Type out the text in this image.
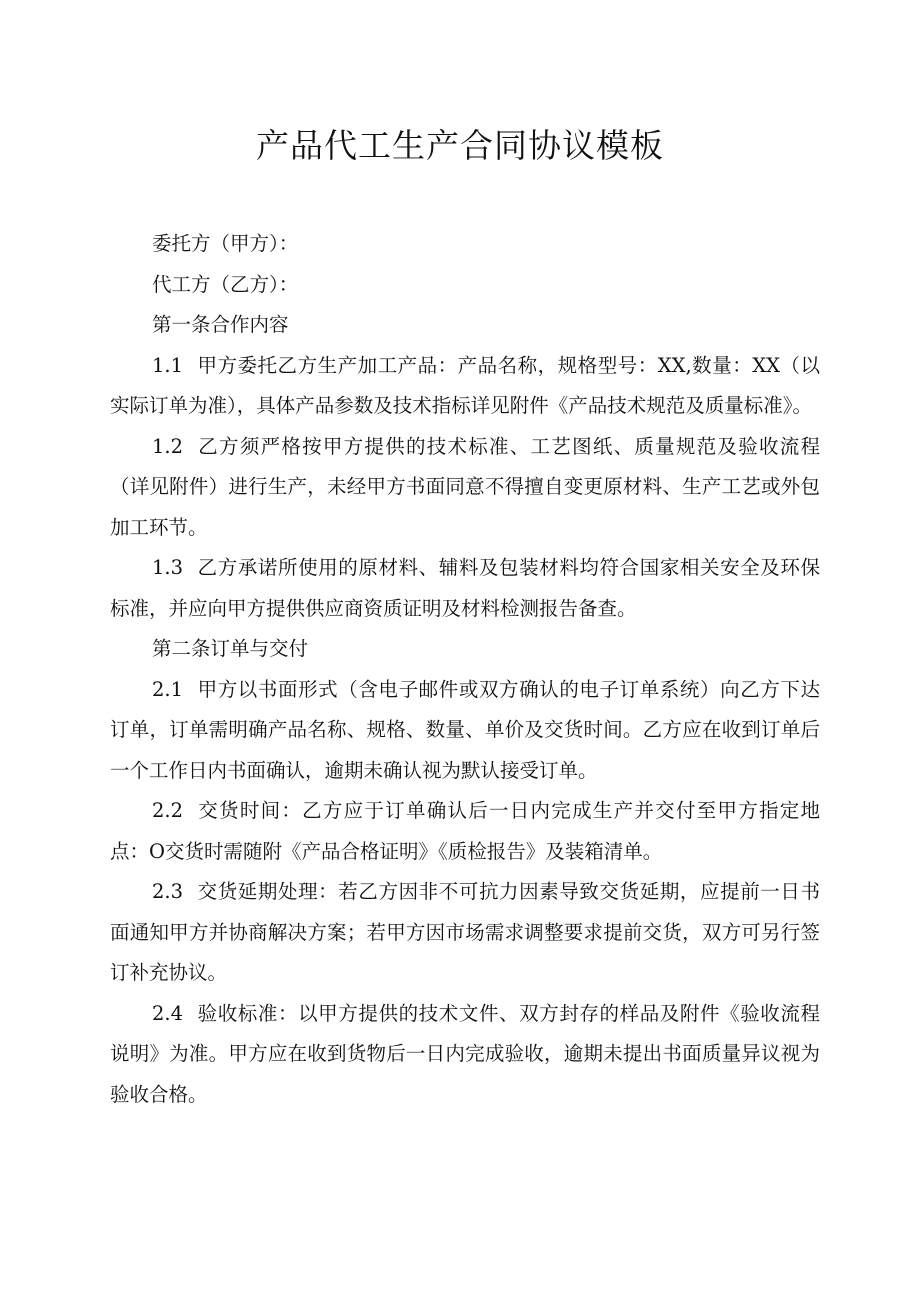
产品代工生产合同协议模板
委托方（甲方）：
代工方（乙方）：
第一条合作内容
1.1 甲方委托乙方生产加工产品：产品名称，规格型号：XX,数量：XX（以实际订单为准），具体产品参数及技术指标详见附件《产品技术规范及质量标准》。
1.2 乙方须严格按甲方提供的技术标准、工艺图纸、质量规范及验收流程（详见附件）进行生产，未经甲方书面同意不得擅自变更原材料、生产工艺或外包加工环节。
1.3 乙方承诺所使用的原材料、辅料及包装材料均符合国家相关安全及环保标准，并应向甲方提供供应商资质证明及材料检测报告备查。
第二条订单与交付
2.1 甲方以书面形式（含电子邮件或双方确认的电子订单系统）向乙方下达订单，订单需明确产品名称、规格、数量、单价及交货时间。乙方应在收到订单后一个工作日内书面确认，逾期未确认视为默认接受订单。
2.2 交货时间：乙方应于订单确认后一日内完成生产并交付至甲方指定地点：O交货时需随附《产品合格证明》《质检报告》及装箱清单。
2.3 交货延期处理：若乙方因非不可抗力因素导致交货延期，应提前一日书面通知甲方并协商解决方案；若甲方因市场需求调整要求提前交货，双方可另行签订补充协议。
2.4 验收标准：以甲方提供的技术文件、双方封存的样品及附件《验收流程说明》为准。甲方应在收到货物后一日内完成验收，逾期未提出书面质量异议视为验收合格。
